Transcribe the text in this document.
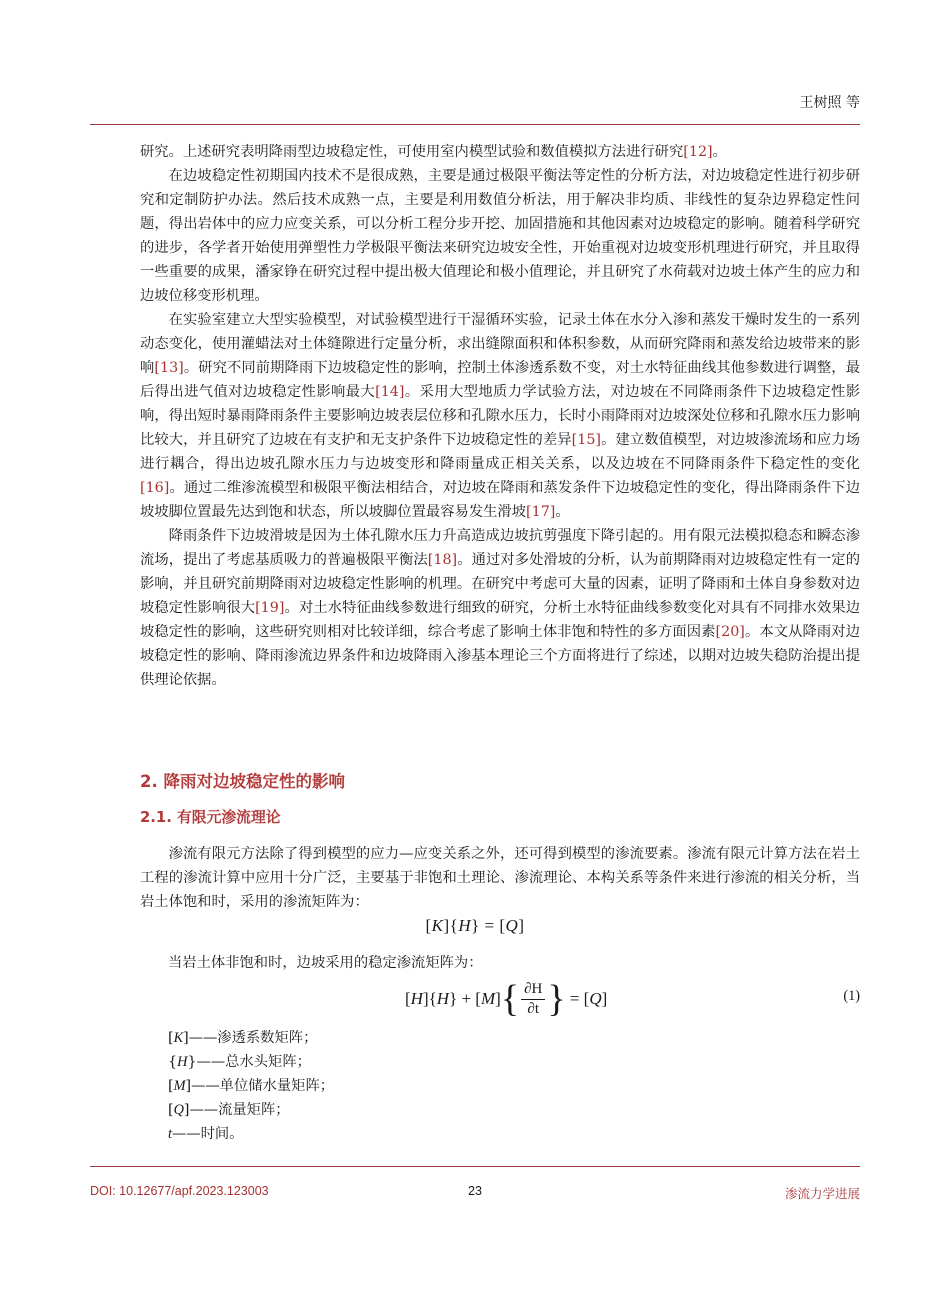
王树照 等

研究。上述研究表明降雨型边坡稳定性，可使用室内模型试验和数值模拟方法进行研究[12]。

在边坡稳定性初期国内技术不是很成熟，主要是通过极限平衡法等定性的分析方法，对边坡稳定性进行初步研究和定制防护办法。然后技术成熟一点，主要是利用数值分析法，用于解决非均质、非线性的复杂边界稳定性问题，得出岩体中的应力应变关系，可以分析工程分步开挖、加固措施和其他因素对边坡稳定的影响。随着科学研究的进步，各学者开始使用弹塑性力学极限平衡法来研究边坡安全性，开始重视对边坡变形机理进行研究，并且取得一些重要的成果，潘家铮在研究过程中提出极大值理论和极小值理论，并且研究了水荷载对边坡土体产生的应力和边坡位移变形机理。

在实验室建立大型实验模型，对试验模型进行干湿循环实验，记录土体在水分入渗和蒸发干燥时发生的一系列动态变化，使用灌蜡法对土体缝隙进行定量分析，求出缝隙面积和体积参数，从而研究降雨和蒸发给边坡带来的影响[13]。研究不同前期降雨下边坡稳定性的影响，控制土体渗透系数不变，对土水特征曲线其他参数进行调整，最后得出进气值对边坡稳定性影响最大[14]。采用大型地质力学试验方法，对边坡在不同降雨条件下边坡稳定性影响，得出短时暴雨降雨条件主要影响边坡表层位移和孔隙水压力，长时小雨降雨对边坡深处位移和孔隙水压力影响比较大，并且研究了边坡在有支护和无支护条件下边坡稳定性的差异[15]。建立数值模型，对边坡渗流场和应力场进行耦合，得出边坡孔隙水压力与边坡变形和降雨量成正相关关系，以及边坡在不同降雨条件下稳定性的变化[16]。通过二维渗流模型和极限平衡法相结合，对边坡在降雨和蒸发条件下边坡稳定性的变化，得出降雨条件下边坡坡脚位置最先达到饱和状态，所以坡脚位置最容易发生滑坡[17]。

降雨条件下边坡滑坡是因为土体孔隙水压力升高造成边坡抗剪强度下降引起的。用有限元法模拟稳态和瞬态渗流场，提出了考虑基质吸力的普遍极限平衡法[18]。通过对多处滑坡的分析，认为前期降雨对边坡稳定性有一定的影响，并且研究前期降雨对边坡稳定性影响的机理。在研究中考虑可大量的因素，证明了降雨和土体自身参数对边坡稳定性影响很大[19]。对土水特征曲线参数进行细致的研究，分析土水特征曲线参数变化对具有不同排水效果边坡稳定性的影响，这些研究则相对比较详细，综合考虑了影响土体非饱和特性的多方面因素[20]。本文从降雨对边坡稳定性的影响、降雨渗流边界条件和边坡降雨入渗基本理论三个方面将进行了综述，以期对边坡失稳防治提出提供理论依据。

2. 降雨对边坡稳定性的影响
2.1. 有限元渗流理论

渗流有限元方法除了得到模型的应力—应变关系之外，还可得到模型的渗流要素。渗流有限元计算方法在岩土工程的渗流计算中应用十分广泛，主要基于非饱和土理论、渗流理论、本构关系等条件来进行渗流的相关分析，当岩土体饱和时，采用的渗流矩阵为：

[K]{H} = [Q]
当岩土体非饱和时，边坡采用的稳定渗流矩阵为：
[ H ]{ H } + [ M ] { $\frac{\partial H}{\partial t}$ } = [ Q ]	(1)
[K]——渗透系数矩阵；
{H}——总水头矩阵；
[M]——单位储水量矩阵；
[Q]——流量矩阵；
t——时间。
DOI: 10.12677/apf.2023.123003	23	渗流力学进展
